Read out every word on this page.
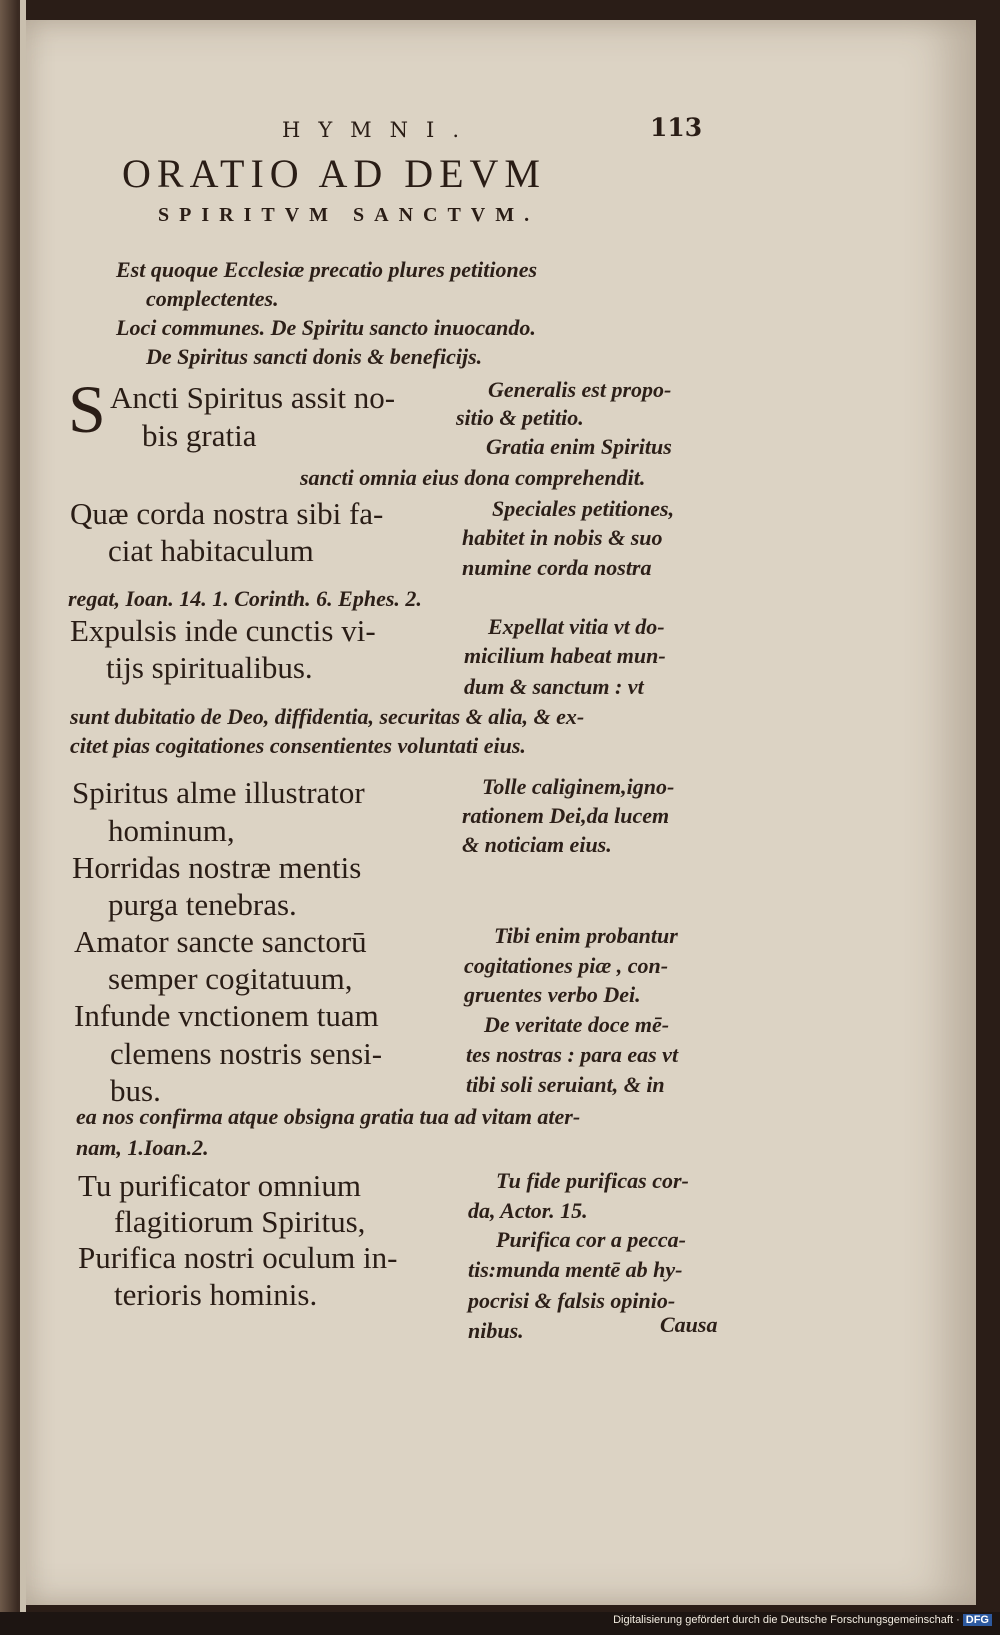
HYMNI.	113
ORATIO AD DEVM
SPIRITVM SANCTVM.
Est quoque Ecclesiæ precatio plures petitiones
complectentes.
Loci communes. De Spiritu sancto inuocando.
De Spiritus sancti donis & beneficijs.
S Ancti Spiritus assit no-
bis gratia
Generalis est propo-
sitio & petitio.
Gratia enim Spiritus
sancti omnia eius dona comprehendit.
Quæ corda nostra sibi fa-
ciat habitaculum
Speciales petitiones,
habitet in nobis & suo
numine corda nostra
regat, Ioan. 14. 1. Corinth. 6. Ephes. 2.
Expulsis inde cunctis vi-
tijs spiritualibus.
Expellat vitia vt do-
micilium habeat mun-
dum & sanctum : vt
sunt dubitatio de Deo, diffidentia, securitas & alia, & ex-
citet pias cogitationes consentientes voluntati eius.
Spiritus alme illustrator
hominum,
Horridas nostræ mentis
purga tenebras.
Tolle caliginem,igno-
rationem Dei,da lucem
& noticiam eius.
Amator sancte sanctorū
semper cogitatuum,
Infunde vnctionem tuam
clemens nostris sensi-
bus.
Tibi enim probantur
cogitationes piæ , con-
gruentes verbo Dei.
De veritate doce mē-
tes nostras : para eas vt
tibi soli seruiant, & in
ea nos confirma atque obsigna gratia tua ad vitam ater-
nam, 1.Ioan.2.
Tu purificator omnium
flagitiorum Spiritus,
Purifica nostri oculum in-
terioris hominis.
Tu fide purificas cor-
da, Actor. 15.
Purifica cor a pecca-
tis:munda mentē ab hy-
pocrisi & falsis opinio-
nibus.	Causa
Digitalisierung gefördert durch die Deutsche Forschungsgemeinschaft · DFG
